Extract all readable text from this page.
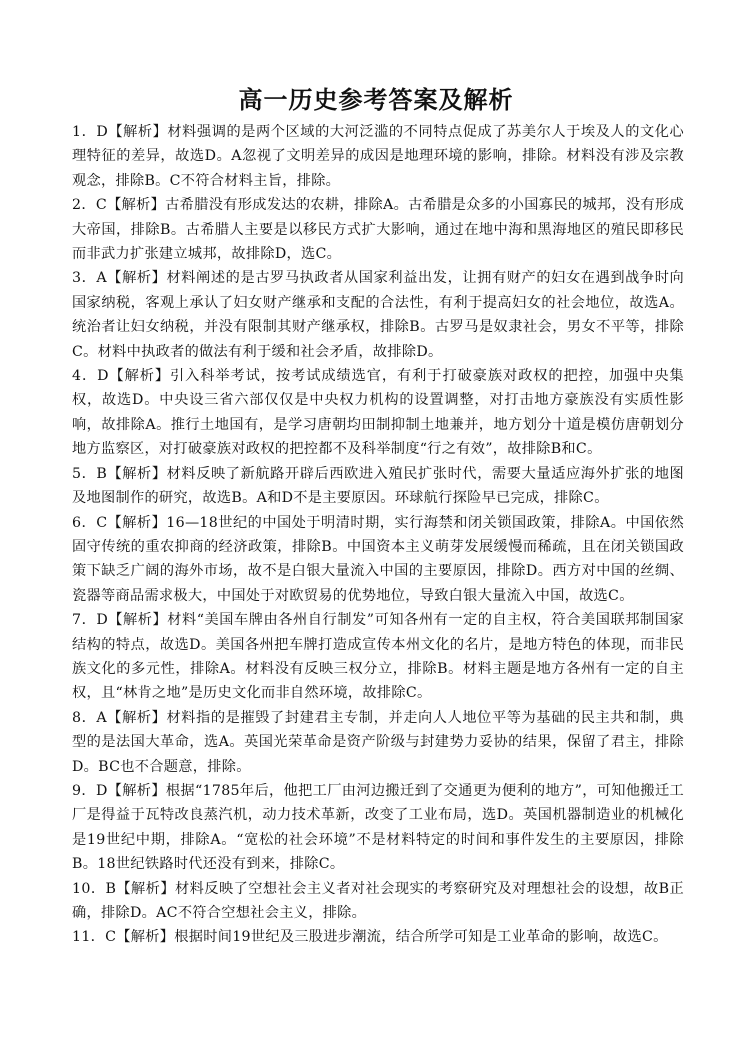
高一历史参考答案及解析

1．D【解析】材料强调的是两个区域的大河泛滥的不同特点促成了苏美尔人于埃及人的文化心理特征的差异，故选D。A忽视了文明差异的成因是地理环境的影响，排除。材料没有涉及宗教观念，排除B。C不符合材料主旨，排除。

2．C【解析】古希腊没有形成发达的农耕，排除A。古希腊是众多的小国寡民的城邦，没有形成大帝国，排除B。古希腊人主要是以移民方式扩大影响，通过在地中海和黑海地区的殖民即移民而非武力扩张建立城邦，故排除D，选C。

3．A【解析】材料阐述的是古罗马执政者从国家利益出发，让拥有财产的妇女在遇到战争时向国家纳税，客观上承认了妇女财产继承和支配的合法性，有利于提高妇女的社会地位，故选A。统治者让妇女纳税，并没有限制其财产继承权，排除B。古罗马是奴隶社会，男女不平等，排除C。材料中执政者的做法有利于缓和社会矛盾，故排除D。

4．D【解析】引入科举考试，按考试成绩选官，有利于打破豪族对政权的把控，加强中央集权，故选D。中央设三省六部仅仅是中央权力机构的设置调整，对打击地方豪族没有实质性影响，故排除A。推行土地国有，是学习唐朝均田制抑制土地兼并，地方划分十道是模仿唐朝划分地方监察区，对打破豪族对政权的把控都不及科举制度“行之有效”，故排除B和C。

5．B【解析】材料反映了新航路开辟后西欧进入殖民扩张时代，需要大量适应海外扩张的地图及地图制作的研究，故选B。A和D不是主要原因。环球航行探险早已完成，排除C。

6．C【解析】16—18世纪的中国处于明清时期，实行海禁和闭关锁国政策，排除A。中国依然固守传统的重农抑商的经济政策，排除B。中国资本主义萌芽发展缓慢而稀疏，且在闭关锁国政策下缺乏广阔的海外市场，故不是白银大量流入中国的主要原因，排除D。西方对中国的丝绸、瓷器等商品需求极大，中国处于对欧贸易的优势地位，导致白银大量流入中国，故选C。

7．D【解析】材料“美国车牌由各州自行制发”可知各州有一定的自主权，符合美国联邦制国家结构的特点，故选D。美国各州把车牌打造成宣传本州文化的名片，是地方特色的体现，而非民族文化的多元性，排除A。材料没有反映三权分立，排除B。材料主题是地方各州有一定的自主权，且“林肯之地”是历史文化而非自然环境，故排除C。

8．A【解析】材料指的是摧毁了封建君主专制，并走向人人地位平等为基础的民主共和制，典型的是法国大革命，选A。英国光荣革命是资产阶级与封建势力妥协的结果，保留了君主，排除D。BC也不合题意，排除。

9．D【解析】根据“1785年后，他把工厂由河边搬迁到了交通更为便利的地方”，可知他搬迁工厂是得益于瓦特改良蒸汽机，动力技术革新，改变了工业布局，选D。英国机器制造业的机械化是19世纪中期，排除A。“宽松的社会环境”不是材料特定的时间和事件发生的主要原因，排除B。18世纪铁路时代还没有到来，排除C。

10．B【解析】材料反映了空想社会主义者对社会现实的考察研究及对理想社会的设想，故B正确，排除D。AC不符合空想社会主义，排除。

11．C【解析】根据时间19世纪及三股进步潮流，结合所学可知是工业革命的影响，故选C。
